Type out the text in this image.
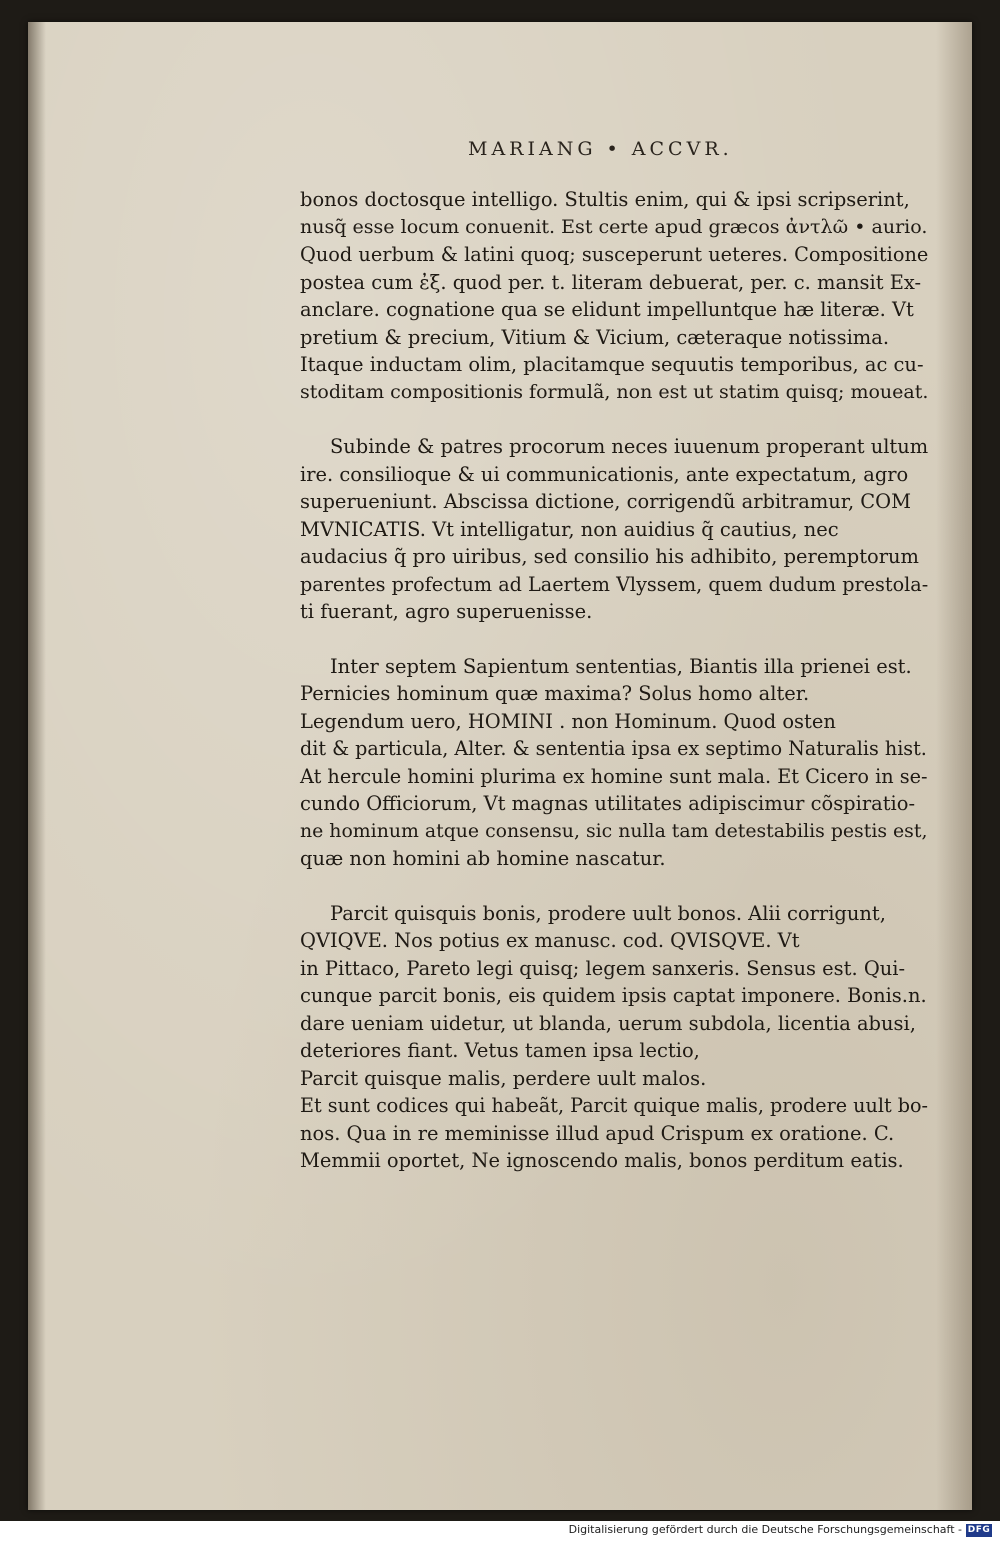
MARIANG • ACCVR.
bonos doctosque intelligo. Stultis enim, qui & ipsi scripserint,
nusq̃ esse locum conuenit. Est certe apud græcos ἀντλῶ • aurio.
Quod uerbum & latini quoq; susceperunt ueteres. Compositione
postea cum ἐξ. quod per. t. literam debuerat, per. c. mansit Ex-
anclare. cognatione qua se elidunt impelluntque hæ literæ. Vt
pretium & precium, Vitium & Vicium, cæteraque notissima.
Itaque inductam olim, placitamque sequutis temporibus, ac cu-
stoditam compositionis formulã, non est ut statim quisq; moueat.
Subinde & patres procorum neces iuuenum properant ultum
ire. consilioque & ui communicationis, ante expectatum, agro
superueniunt. Abscissa dictione, corrigendũ arbitramur, COM
MVNICATIS. Vt intelligatur, non auidius q̃ cautius, nec
audacius q̃ pro uiribus, sed consilio his adhibito, peremptorum
parentes profectum ad Laertem Vlyssem, quem dudum prestola-
ti fuerant, agro superuenisse.
Inter septem Sapientum sententias, Biantis illa prienei est.
Pernicies hominum quæ maxima? Solus homo alter.
Legendum uero, HOMINI . non Hominum. Quod osten
dit & particula, Alter. & sententia ipsa ex septimo Naturalis hist.
At hercule homini plurima ex homine sunt mala. Et Cicero in se-
cundo Officiorum, Vt magnas utilitates adipiscimur cõspiratio-
ne hominum atque consensu, sic nulla tam detestabilis pestis est,
quæ non homini ab homine nascatur.
Parcit quisquis bonis, prodere uult bonos. Alii corrigunt,
QVIQVE. Nos potius ex manusc. cod. QVISQVE. Vt
in Pittaco, Pareto legi quisq; legem sanxeris. Sensus est. Qui-
cunque parcit bonis, eis quidem ipsis captat imponere. Bonis.n.
dare ueniam uidetur, ut blanda, uerum subdola, licentia abusi,
deteriores fiant. Vetus tamen ipsa lectio,
Parcit quisque malis, perdere uult malos.
Et sunt codices qui habeãt, Parcit quique malis, prodere uult bo-
nos. Qua in re meminisse illud apud Crispum ex oratione. C.
Memmii oportet, Ne ignoscendo malis, bonos perditum eatis.
Digitalisierung gefördert durch die Deutsche Forschungsgemeinschaft - DFG
